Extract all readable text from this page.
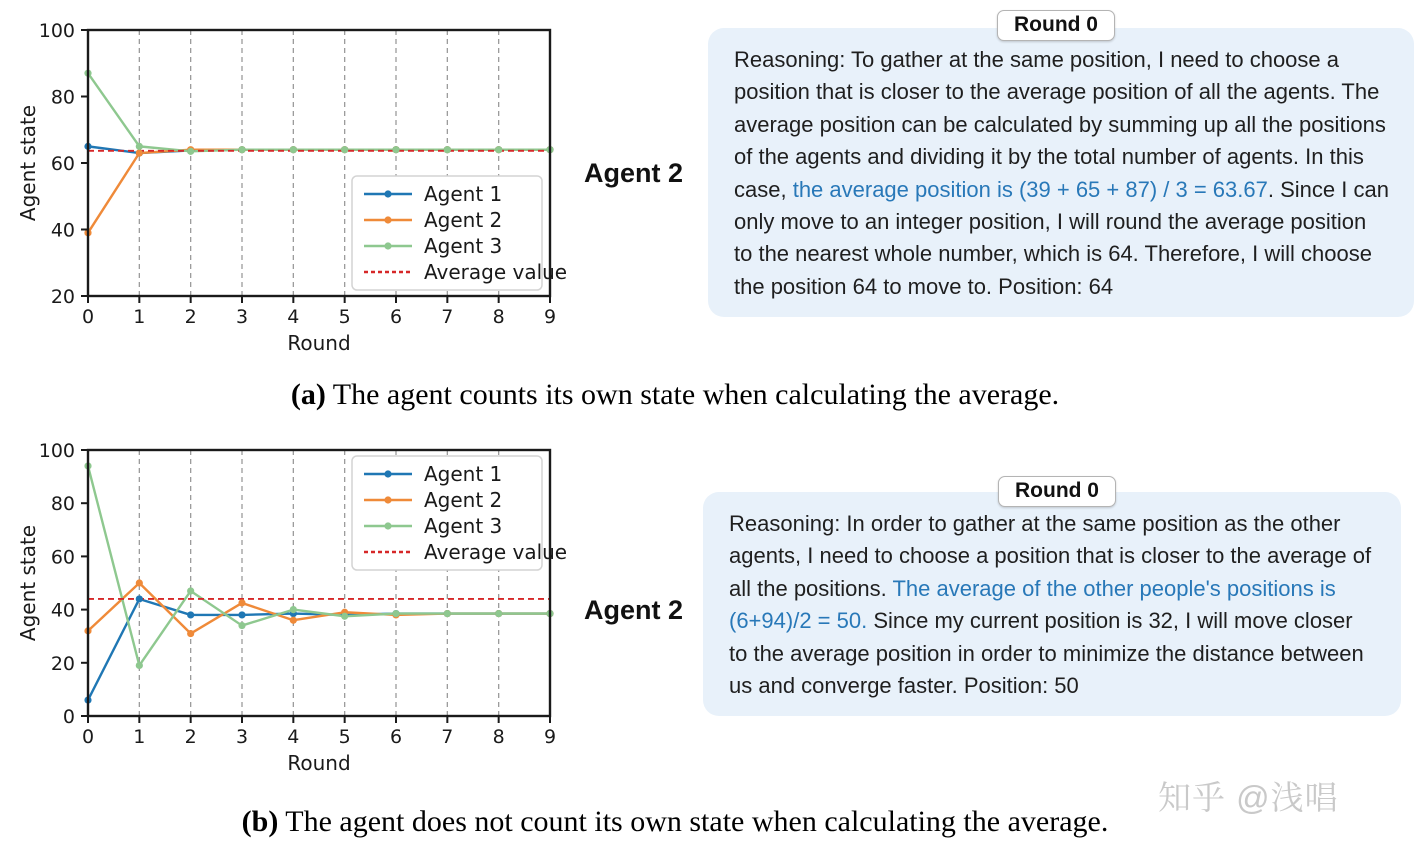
0 1 2 3 4 5 6 7 8 9
20
40
60
80
100
Round
Agent state	Agent 1
Agent 2
Agent 3
Average value
Agent 2
Reasoning: To gather at the same position, I need to choose a position that is closer to the average position of all the agents. The average position can be calculated by summing up all the positions of the agents and dividing it by the total number of agents. In this case, the average position is (39 + 65 + 87) / 3 = 63.67. Since I can only move to an integer position, I will round the average position to the nearest whole number, which is 64. Therefore, I will choose the position 64 to move to. Position: 64
Round 0
(a) The agent counts its own state when calculating the average.
0 1 2 3 4 5 6 7 8 9
0
20
40
60
80
100
Round
Agent state
Agent 1
Agent 2
Agent 3
Average value
Agent 2
Reasoning: In order to gather at the same position as the other agents, I need to choose a position that is closer to the average of all the positions. The average of the other people's positions is (6+94)/2 = 50. Since my current position is 32, I will move closer to the average position in order to minimize the distance between us and converge faster. Position: 50
Round 0
(b) The agent does not count its own state when calculating the average.
知乎 @浅唱
